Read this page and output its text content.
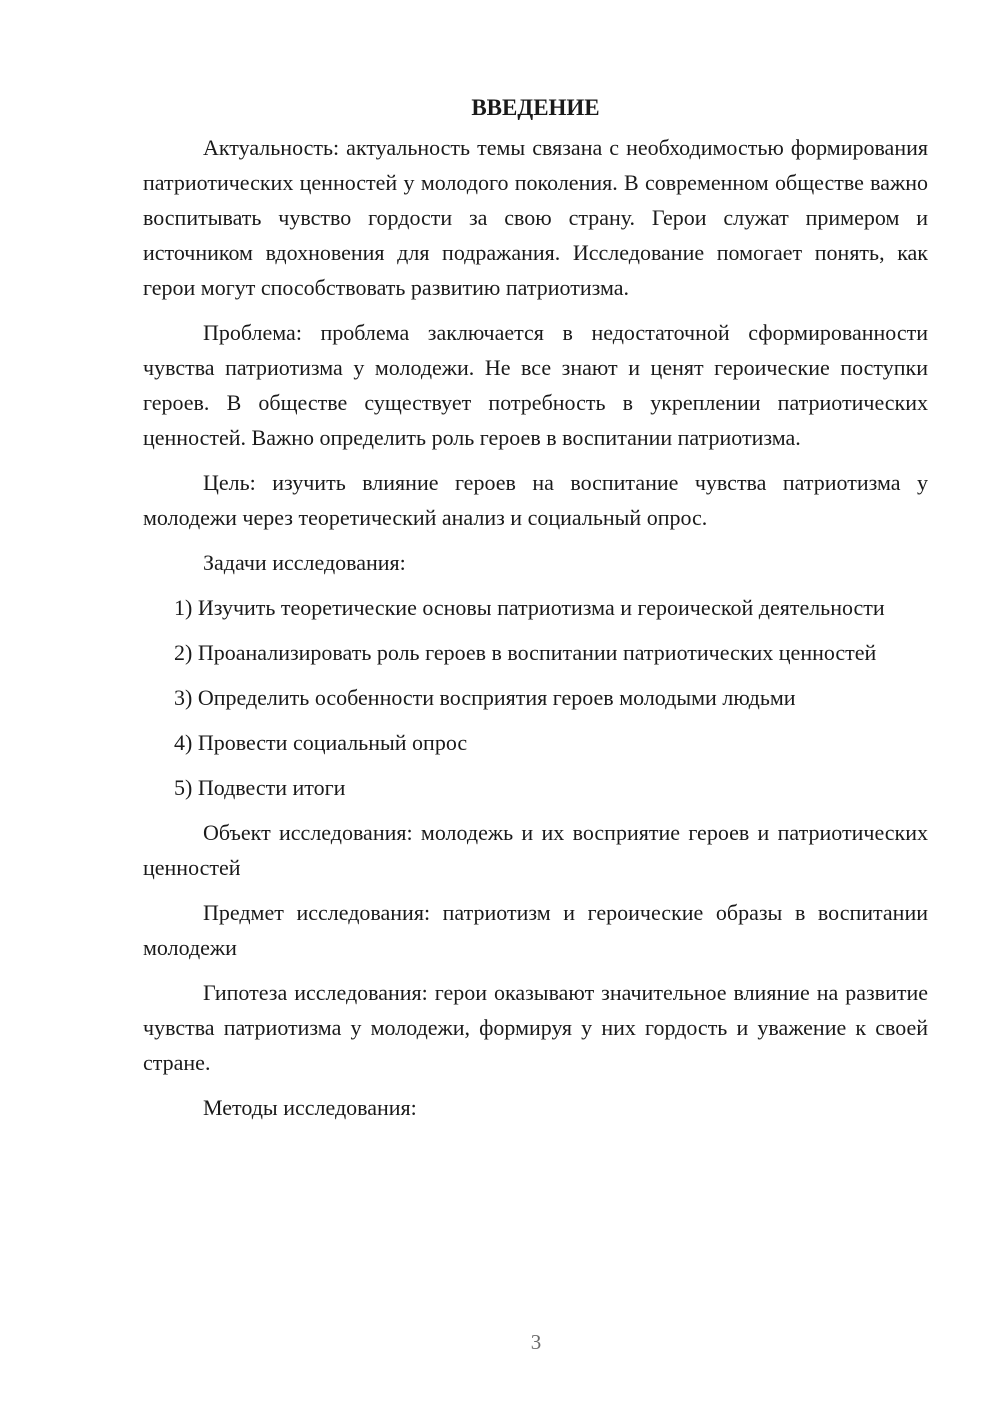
ВВЕДЕНИЕ

Актуальность: актуальность темы связана с необходимостью формирования патриотических ценностей у молодого поколения. В современном обществе важно воспитывать чувство гордости за свою страну. Герои служат примером и источником вдохновения для подражания. Исследование помогает понять, как герои могут способствовать развитию патриотизма.

Проблема: проблема заключается в недостаточной сформированности чувства патриотизма у молодежи. Не все знают и ценят героические поступки героев. В обществе существует потребность в укреплении патриотических ценностей. Важно определить роль героев в воспитании патриотизма.

Цель: изучить влияние героев на воспитание чувства патриотизма у молодежи через теоретический анализ и социальный опрос.

Задачи исследования:

1) Изучить теоретические основы патриотизма и героической деятельности

2) Проанализировать роль героев в воспитании патриотических ценностей

3) Определить особенности восприятия героев молодыми людьми

4) Провести социальный опрос

5) Подвести итоги

Объект исследования: молодежь и их восприятие героев и патриотических ценностей

Предмет исследования: патриотизм и героические образы в воспитании молодежи

Гипотеза исследования: герои оказывают значительное влияние на развитие чувства патриотизма у молодежи, формируя у них гордость и уважение к своей стране.

Методы исследования:

3
